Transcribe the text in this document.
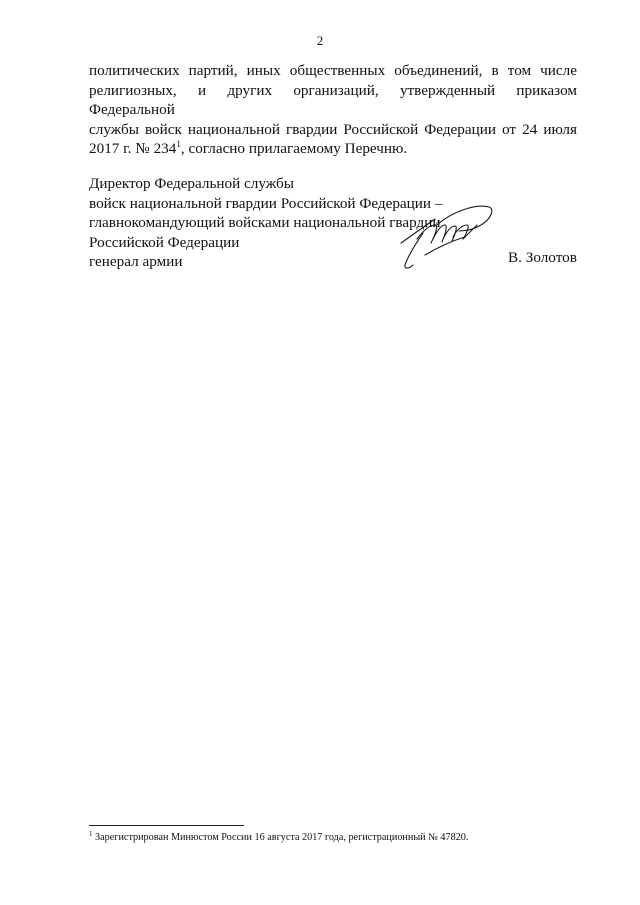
2

политических партий, иных общественных объединений, в том числе
религиозных, и других организаций, утвержденный приказом Федеральной
службы войск национальной гвардии Российской Федерации от 24 июля
2017 г. № $234^1$, согласно прилагаемому Перечню.

Директор Федеральной службы
войск национальной гвардии Российской Федерации –
главнокомандующий войсками национальной гвардии
Российской Федерации
генерал армии	В. Золотов
$^1$ Зарегистрирован Минюстом России 16 августа 2017 года, регистрационный № 47820.
